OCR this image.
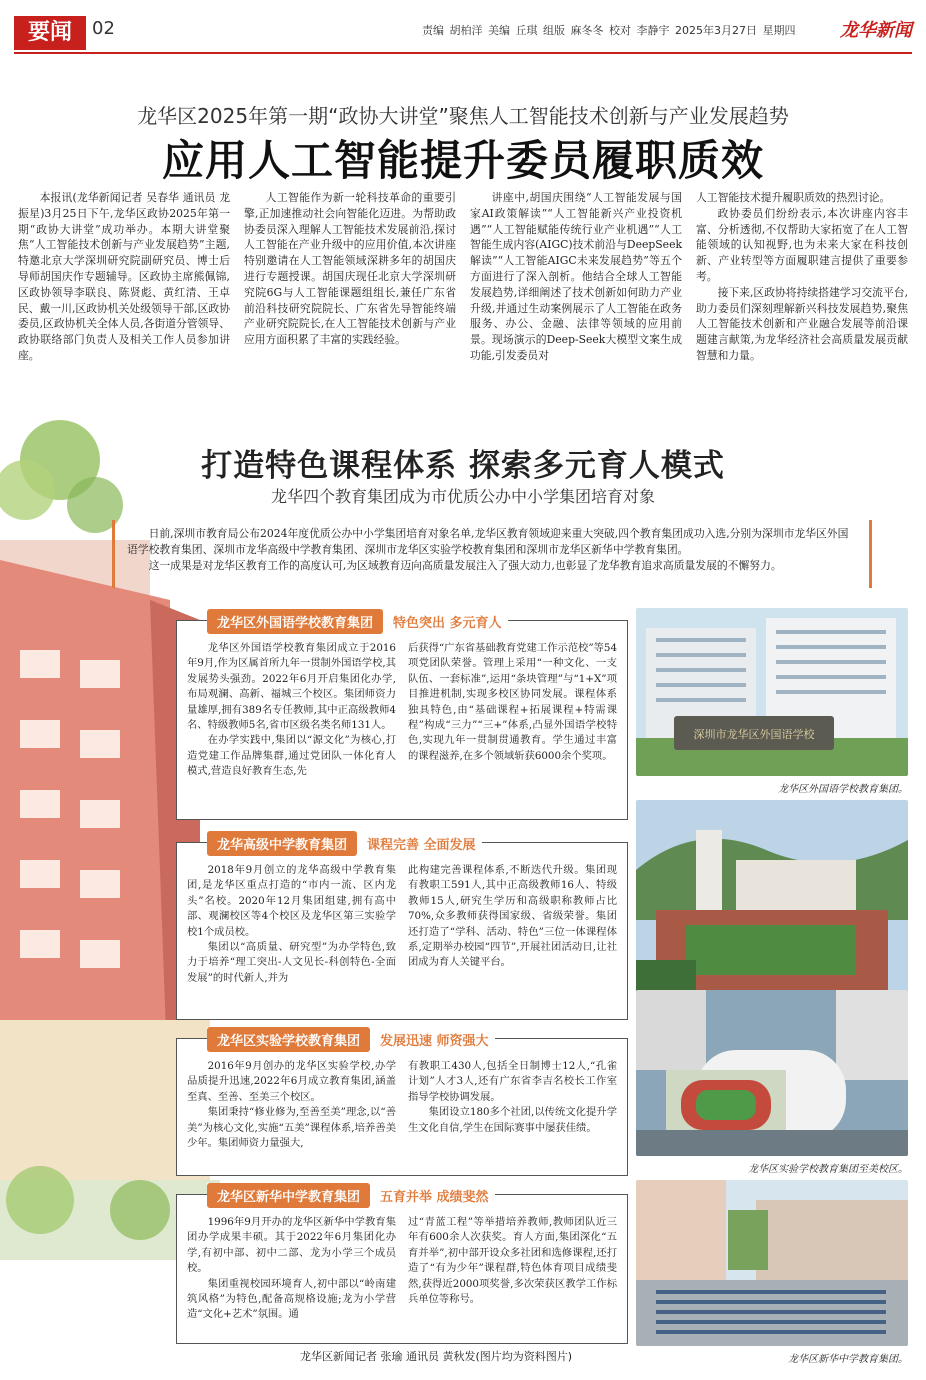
要闻	02	责编 胡柏洋 美编 丘琪 组版 麻冬冬 校对 李静宇 2025年3月27日 星期四 龙华新闻
龙华区2025年第一期“政协大讲堂”聚焦人工智能技术创新与产业发展趋势
应用人工智能提升委员履职质效

本报讯(龙华新闻记者 吴春华 通讯员 龙振星)3月25日下午,龙华区政协2025年第一期“政协大讲堂”成功举办。本期大讲堂聚焦“人工智能技术创新与产业发展趋势”主题,特邀北京大学深圳研究院副研究员、博士后导师胡国庆作专题辅导。区政协主席熊佩锦,区政协领导李联良、陈贤彪、黄红清、王卓民、戴一川,区政协机关处级领导干部,区政协委员,区政协机关全体人员,各街道分管领导、政协联络部门负责人及相关工作人员参加讲座。

人工智能作为新一轮科技革命的重要引擎,正加速推动社会向智能化迈进。为帮助政协委员深入理解人工智能技术发展前沿,探讨人工智能在产业升级中的应用价值,本次讲座特别邀请在人工智能领域深耕多年的胡国庆进行专题授课。胡国庆现任北京大学深圳研究院6G与人工智能课题组组长,兼任广东省前沿科技研究院院长、广东省先导智能终端产业研究院院长,在人工智能技术创新与产业应用方面积累了丰富的实践经验。

讲座中,胡国庆围绕“人工智能发展与国家AI政策解读”“人工智能新兴产业投资机遇”“人工智能赋能传统行业产业机遇”“人工智能生成内容(AIGC)技术前沿与DeepSeek解读”“人工智能AIGC未来发展趋势”等五个方面进行了深入剖析。他结合全球人工智能发展趋势,详细阐述了技术创新如何助力产业升级,并通过生动案例展示了人工智能在政务服务、办公、金融、法律等领域的应用前景。现场演示的Deep-Seek大模型文案生成功能,引发委员对

人工智能技术提升履职质效的热烈讨论。

政协委员们纷纷表示,本次讲座内容丰富、分析透彻,不仅帮助大家拓宽了在人工智能领域的认知视野,也为未来大家在科技创新、产业转型等方面履职建言提供了重要参考。

接下来,区政协将持续搭建学习交流平台,助力委员们深刻理解新兴科技发展趋势,聚焦人工智能技术创新和产业融合发展等前沿课题建言献策,为龙华经济社会高质量发展贡献智慧和力量。

打造特色课程体系 探索多元育人模式
龙华四个教育集团成为市优质公办中小学集团培育对象

日前,深圳市教育局公布2024年度优质公办中小学集团培育对象名单,龙华区教育领域迎来重大突破,四个教育集团成功入选,分别为深圳市龙华区外国语学校教育集团、深圳市龙华高级中学教育集团、深圳市龙华区实验学校教育集团和深圳市龙华区新华中学教育集团。

这一成果是对龙华区教育工作的高度认可,为区域教育迈向高质量发展注入了强大动力,也彰显了龙华教育追求高质量发展的不懈努力。

龙华区外国语学校教育集团	特色突出 多元育人

龙华区外国语学校教育集团成立于2016年9月,作为区属首所九年一贯制外国语学校,其发展势头强劲。2022年6月开启集团化办学,布局观澜、高新、福城三个校区。集团师资力量雄厚,拥有389名专任教师,其中正高级教师4名、特级教师5名,省市区级名类名师131人。

在办学实践中,集团以“源文化”为核心,打造党建工作品牌集群,通过党团队一体化育人模式,营造良好教育生态,先

后获得“广东省基础教育党建工作示范校”等54项党团队荣誉。管理上采用“一种文化、一支队伍、一套标准”,运用“条块管理”与“1+X”项目推进机制,实现多校区协同发展。课程体系独具特色,由“基础课程+拓展课程+特需课程”构成“三力”“三+”体系,凸显外国语学校特色,实现九年一贯制贯通教育。学生通过丰富的课程滋养,在多个领域斩获6000余个奖项。
龙华高级中学教育集团	课程完善 全面发展

2018年9月创立的龙华高级中学教育集团,是龙华区重点打造的“市内一流、区内龙头”名校。2020年12月集团组建,拥有高中部、观澜校区等4个校区及龙华区第三实验学校1个成员校。

集团以“高质量、研究型”为办学特色,致力于培养“理工突出-人文见长-科创特色-全面发展”的时代新人,并为

此构建完善课程体系,不断迭代升级。集团现有教职工591人,其中正高级教师16人、特级教师15人,研究生学历和高级职称教师占比70%,众多教师获得国家级、省级荣誉。集团还打造了“学科、活动、特色”三位一体课程体系,定期举办校园“四节”,开展社团活动日,让社团成为育人关键平台。
龙华区实验学校教育集团	发展迅速 师资强大

2016年9月创办的龙华区实验学校,办学品质提升迅速,2022年6月成立教育集团,涵盖至真、至善、至美三个校区。

集团秉持“修业修为,至善至美”理念,以“善美”为核心文化,实施“五美”课程体系,培养善美少年。集团师资力量强大,

有教职工430人,包括全日制博士12人,“孔雀计划”人才3人,还有广东省李吉名校长工作室指导学校协调发展。

集团设立180多个社团,以传统文化提升学生文化自信,学生在国际赛事中屡获佳绩。

龙华区新华中学教育集团	五育并举 成绩斐然

1996年9月开办的龙华区新华中学教育集团办学成果丰硕。其于2022年6月集团化办学,有初中部、初中二部、龙为小学三个成员校。

集团重视校园环境育人,初中部以“岭南建筑风格”为特色,配备高规格设施;龙为小学营造“文化+艺术”氛围。通

过“青蓝工程”等举措培养教师,教师团队近三年有600余人次获奖。育人方面,集团深化“五育并举”,初中部开设众多社团和选修课程,还打造了“有为少年”课程群,特色体育项目成绩斐然,获得近2000项奖誉,多次荣获区教学工作标兵单位等称号。
深圳市龙华区外国语学校
龙华区外国语学校教育集团。
龙华区实验学校教育集团至美校区。
龙华区新华中学教育集团。
龙华区新闻记者 张瑜 通讯员 黄秋发(图片均为资料图片)
